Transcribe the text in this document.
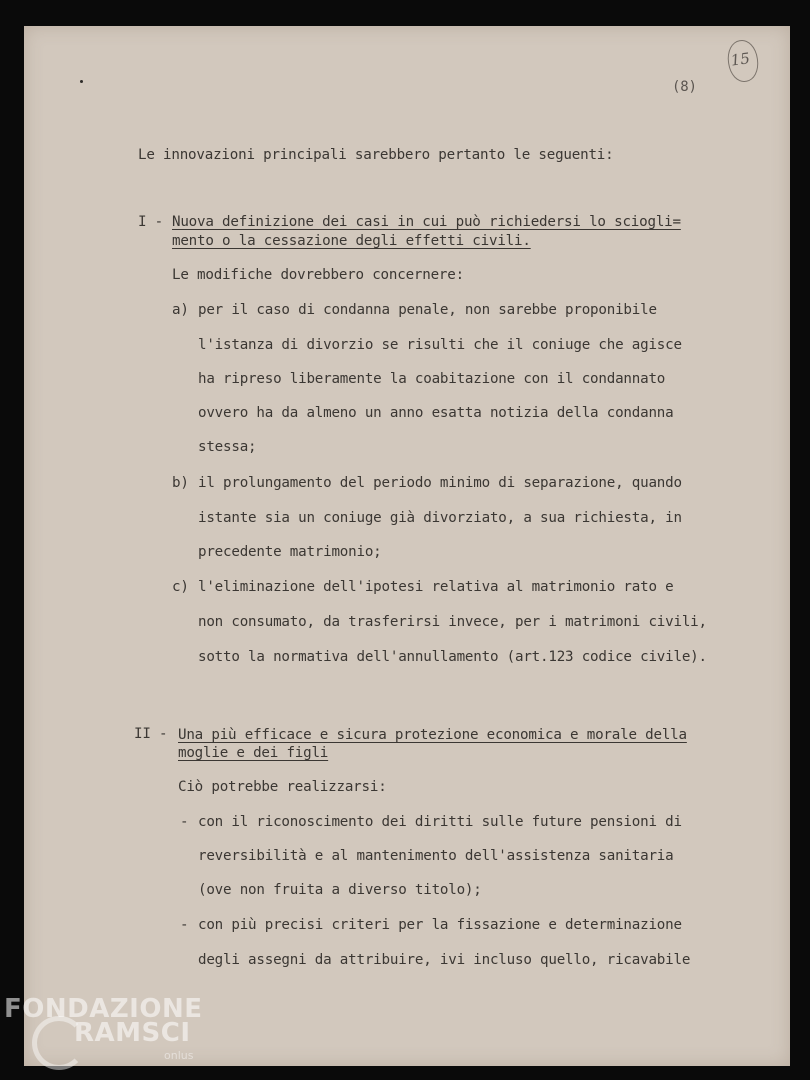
15
(8)
Le innovazioni principali sarebbero pertanto le seguenti:
I - Nuova definizione dei casi in cui può richiedersi lo sciogli=
mento o la cessazione degli effetti civili.
Le modifiche dovrebbero concernere:
a) per il caso di condanna penale, non sarebbe proponibile
l'istanza di divorzio se risulti che il coniuge che agisce
ha ripreso liberamente la coabitazione con il condannato
ovvero ha da almeno un anno esatta notizia della condanna
stessa;
b) il prolungamento del periodo minimo di separazione, quando
istante sia un coniuge già divorziato, a sua richiesta, in
precedente matrimonio;
c) l'eliminazione dell'ipotesi relativa al matrimonio rato e
non consumato, da trasferirsi invece, per i matrimoni civili,
sotto la normativa dell'annullamento (art.123 codice civile).
II - Una più efficace e sicura protezione economica e morale della
moglie e dei figli
Ciò potrebbe realizzarsi:
- con il riconoscimento dei diritti sulle future pensioni di
reversibilità e al mantenimento dell'assistenza sanitaria
(ove non fruita a diverso titolo);
- con più precisi criteri per la fissazione e determinazione
degli assegni da attribuire, ivi incluso quello, ricavabile
FONDAZIONE
RAMSCI
onlus
